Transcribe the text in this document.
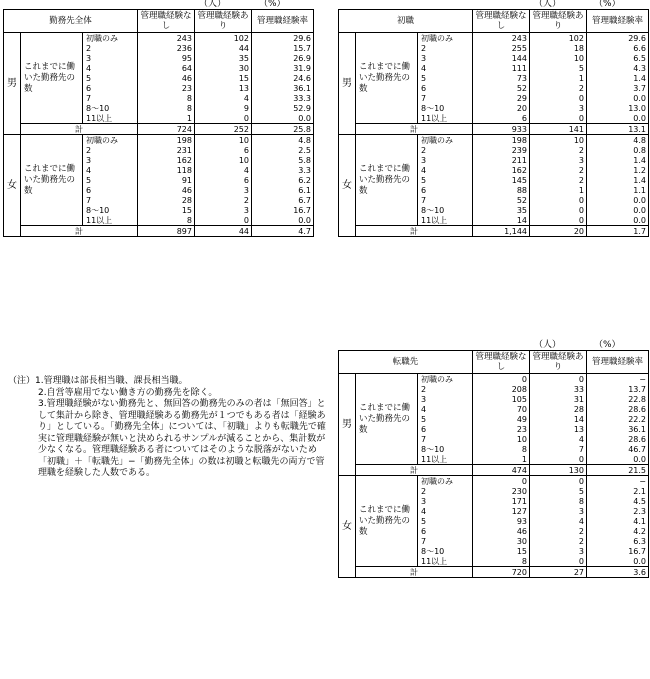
（人）	（%）
勤務先全体			管理職経験なし	管理職経験あり	管理職経験率
男	これまでに働いた勤務先の数	初職のみ	243	102	29.6
		2	236	44	15.7
		3	95	35	26.9
		4	64	30	31.9
		5	46	15	24.6
		6	23	13	36.1
		7	8	4	33.3
		8〜10	8	9	52.9
		11以上	1	0	0.0
	計		724	252	25.8
女	これまでに働いた勤務先の数	初職のみ	198	10	4.8
		2	231	6	2.5
		3	162	10	5.8
		4	118	4	3.3
		5	91	6	6.2
		6	46	3	6.1
		7	28	2	6.7
		8〜10	15	3	16.7
		11以上	8	0	0.0
	計		897	44	4.7
（人）	（%）
初職			管理職経験なし	管理職経験あり	管理職経験率
男	これまでに働いた勤務先の数	初職のみ	243	102	29.6
		2	255	18	6.6
		3	144	10	6.5
		4	111	5	4.3
		5	73	1	1.4
		6	52	2	3.7
		7	29	0	0.0
		8〜10	20	3	13.0
		11以上	6	0	0.0
	計		933	141	13.1
女	これまでに働いた勤務先の数	初職のみ	198	10	4.8
		2	239	2	0.8
		3	211	3	1.4
		4	162	2	1.2
		5	145	2	1.4
		6	88	1	1.1
		7	52	0	0.0
		8〜10	35	0	0.0
		11以上	14	0	0.0
	計		1,144	20	1.7
（人）	（%）
転職先			管理職経験なし	管理職経験あり	管理職経験率
男	これまでに働いた勤務先の数	初職のみ	0	0	−
		2	208	33	13.7
		3	105	31	22.8
		4	70	28	28.6
		5	49	14	22.2
		6	23	13	36.1
		7	10	4	28.6
		8〜10	8	7	46.7
		11以上	1	0	0.0
	計		474	130	21.5
女	これまでに働いた勤務先の数	初職のみ	0	0	−
		2	230	5	2.1
		3	171	8	4.5
		4	127	3	2.3
		5	93	4	4.1
		6	46	2	4.2
		7	30	2	6.3
		8〜10	15	3	16.7
		11以上	8	0	0.0
	計		720	27	3.6

（注）1.管理職は部長相当職、課長相当職。

2.自営等雇用でない働き方の勤務先を除く。

3.管理職経験がない勤務先と、無回答の勤務先のみの者は「無回答」として集計から除き、管理職経験ある勤務先が１つでもある者は「経験あり」としている。「勤務先全体」については、「初職」よりも転職先で確実に管理職経験が無いと決められるサンプルが減ることから、集計数が少なくなる。管理職経験ある者についてはそのような脱落がないため「初職」＋「転職先」−「勤務先全体」の数は初職と転職先の両方で管理職を経験した人数である。
